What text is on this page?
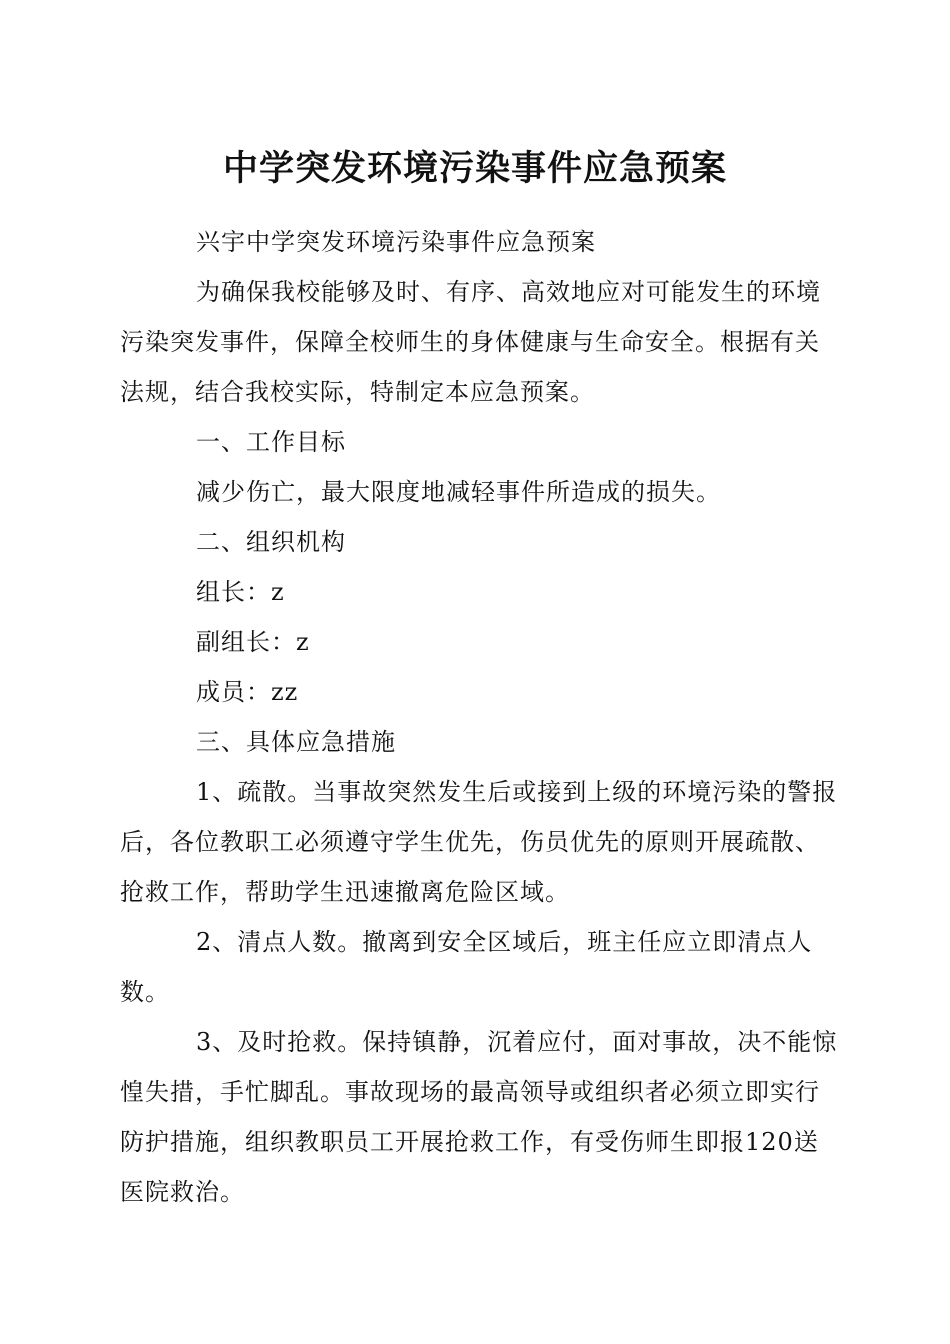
中学突发环境污染事件应急预案

兴宇中学突发环境污染事件应急预案

为确保我校能够及时、有序、高效地应对可能发生的环境污染突发事件，保障全校师生的身体健康与生命安全。根据有关法规，结合我校实际，特制定本应急预案。

一、工作目标

减少伤亡，最大限度地减轻事件所造成的损失。

二、组织机构

组长：z

副组长：z

成员：zz

三、具体应急措施

1、疏散。当事故突然发生后或接到上级的环境污染的警报后，各位教职工必须遵守学生优先，伤员优先的原则开展疏散、抢救工作，帮助学生迅速撤离危险区域。

2、清点人数。撤离到安全区域后，班主任应立即清点人数。

3、及时抢救。保持镇静，沉着应付，面对事故，决不能惊惶失措，手忙脚乱。事故现场的最高领导或组织者必须立即实行防护措施，组织教职员工开展抢救工作，有受伤师生即报120送医院救治。
